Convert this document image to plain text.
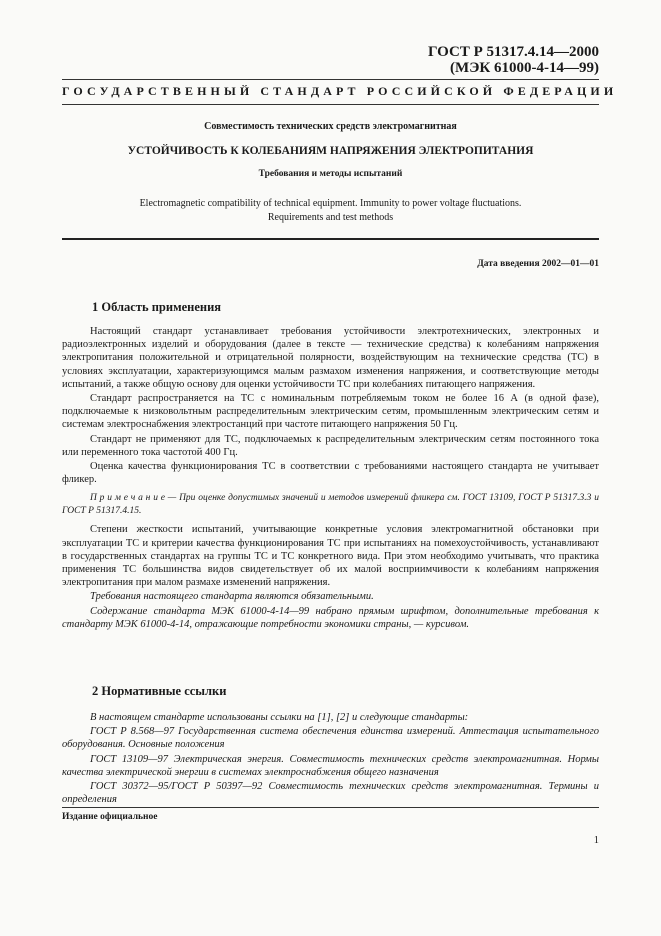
ГОСТ Р 51317.4.14—2000
(МЭК 61000-4-14—99)
ГОСУДАРСТВЕННЫЙ СТАНДАРТ РОССИЙСКОЙ ФЕДЕРАЦИИ
Совместимость технических средств электромагнитная
УСТОЙЧИВОСТЬ К КОЛЕБАНИЯМ НАПРЯЖЕНИЯ ЭЛЕКТРОПИТАНИЯ
Требования и методы испытаний
Electromagnetic compatibility of technical equipment. Immunity to power voltage fluctuations.
Requirements and test methods
Дата введения 2002—01—01
1 Область применения

Настоящий стандарт устанавливает требования устойчивости электротехнических, электронных и радиоэлектронных изделий и оборудования (далее в тексте — технические средства) к колебаниям напряжения электропитания положительной и отрицательной полярности, воздействующим на технические средства (ТС) в условиях эксплуатации, характеризующимся малым размахом изменения напряжения, и соответствующие методы испытаний, а также общую основу для оценки устойчивости ТС при колебаниях питающего напряжения.

Стандарт распространяется на ТС с номинальным потребляемым током не более 16 А (в одной фазе), подключаемые к низковольтным распределительным электрическим сетям, промышленным электрическим сетям и системам электроснабжения электростанций при частоте питающего напряжения 50 Гц.

Стандарт не применяют для ТС, подключаемых к распределительным электрическим сетям постоянного тока или переменного тока частотой 400 Гц.

Оценка качества функционирования ТС в соответствии с требованиями настоящего стандарта не учитывает фликер.

П р и м е ч а н и е — При оценке допустимых значений и методов измерений фликера см. ГОСТ 13109, ГОСТ Р 51317.3.3 и ГОСТ Р 51317.4.15.

Степени жесткости испытаний, учитывающие конкретные условия электромагнитной обстановки при эксплуатации ТС и критерии качества функционирования ТС при испытаниях на помехоустойчивость, устанавливают в государственных стандартах на группы ТС и ТС конкретного вида. При этом необходимо учитывать, что практика применения ТС большинства видов свидетельствует об их малой восприимчивости к колебаниям напряжения электропитания при малом размахе изменений напряжения.

Требования настоящего стандарта являются обязательными.

Содержание стандарта МЭК 61000-4-14—99 набрано прямым шрифтом, дополнительные требования к стандарту МЭК 61000-4-14, отражающие потребности экономики страны, — курсивом.

2 Нормативные ссылки

В настоящем стандарте использованы ссылки на [1], [2] и следующие стандарты:

ГОСТ Р 8.568—97 Государственная система обеспечения единства измерений. Аттестация испытательного оборудования. Основные положения

ГОСТ 13109—97 Электрическая энергия. Совместимость технических средств электромагнитная. Нормы качества электрической энергии в системах электроснабжения общего назначения

ГОСТ 30372—95/ГОСТ Р 50397—92 Совместимость технических средств электромагнитная. Термины и определения

Издание официальное
1
